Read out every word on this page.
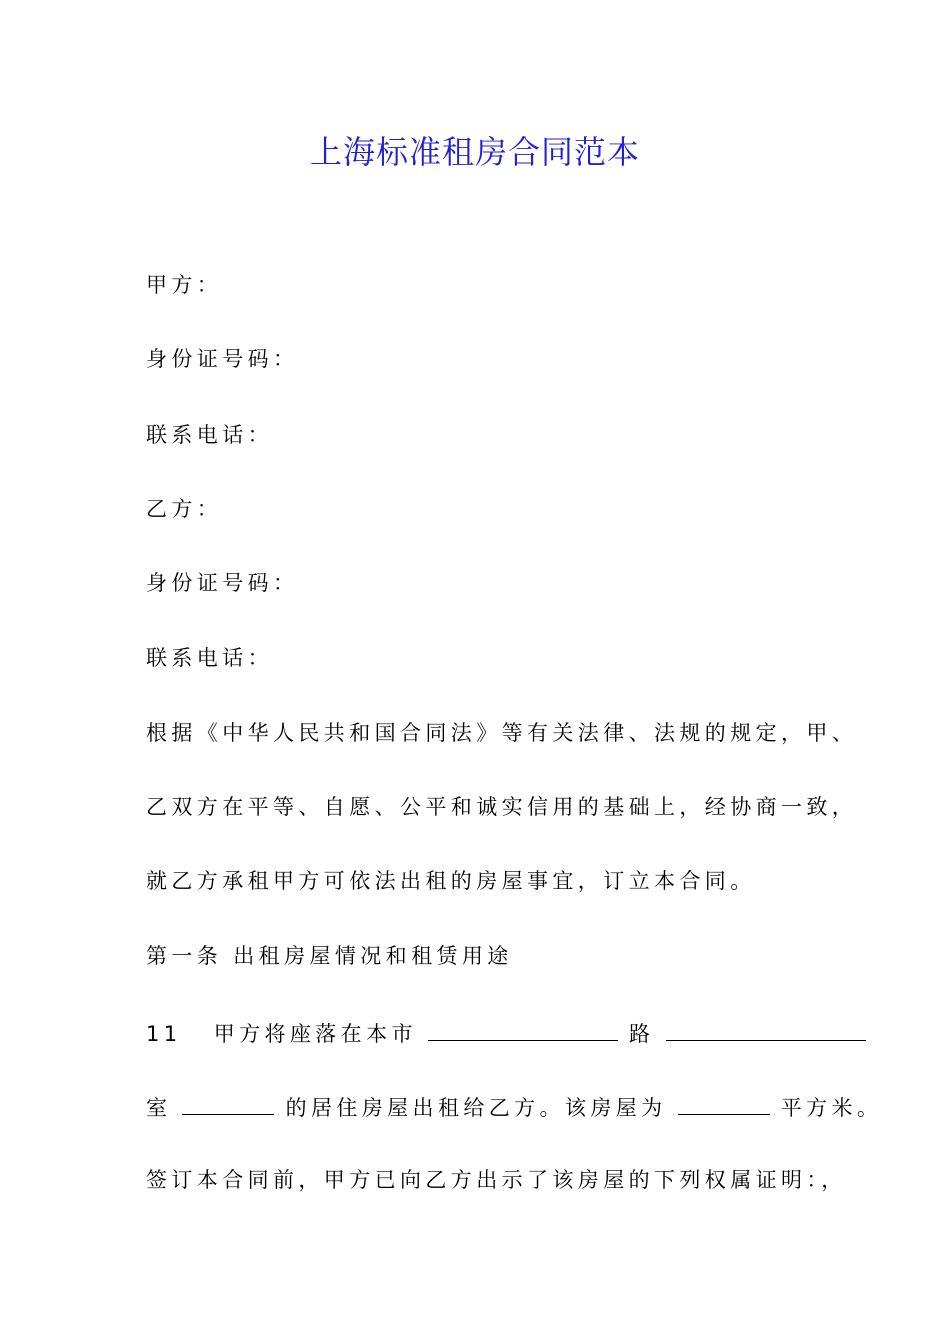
上海标准租房合同范本
甲方：
身份证号码：
联系电话：
乙方：
身份证号码：
联系电话：
根据《中华人民共和国合同法》等有关法律、法规的规定，甲、
乙双方在平等、自愿、公平和诚实信用的基础上，经协商一致，
就乙方承租甲方可依法出租的房屋事宜，订立本合同。
第一条 出租房屋情况和租赁用途
11 甲方将座落在本市	路
室	的居住房屋出租给乙方。该房屋为	平方米。
签订本合同前，甲方已向乙方出示了该房屋的下列权属证明：，
